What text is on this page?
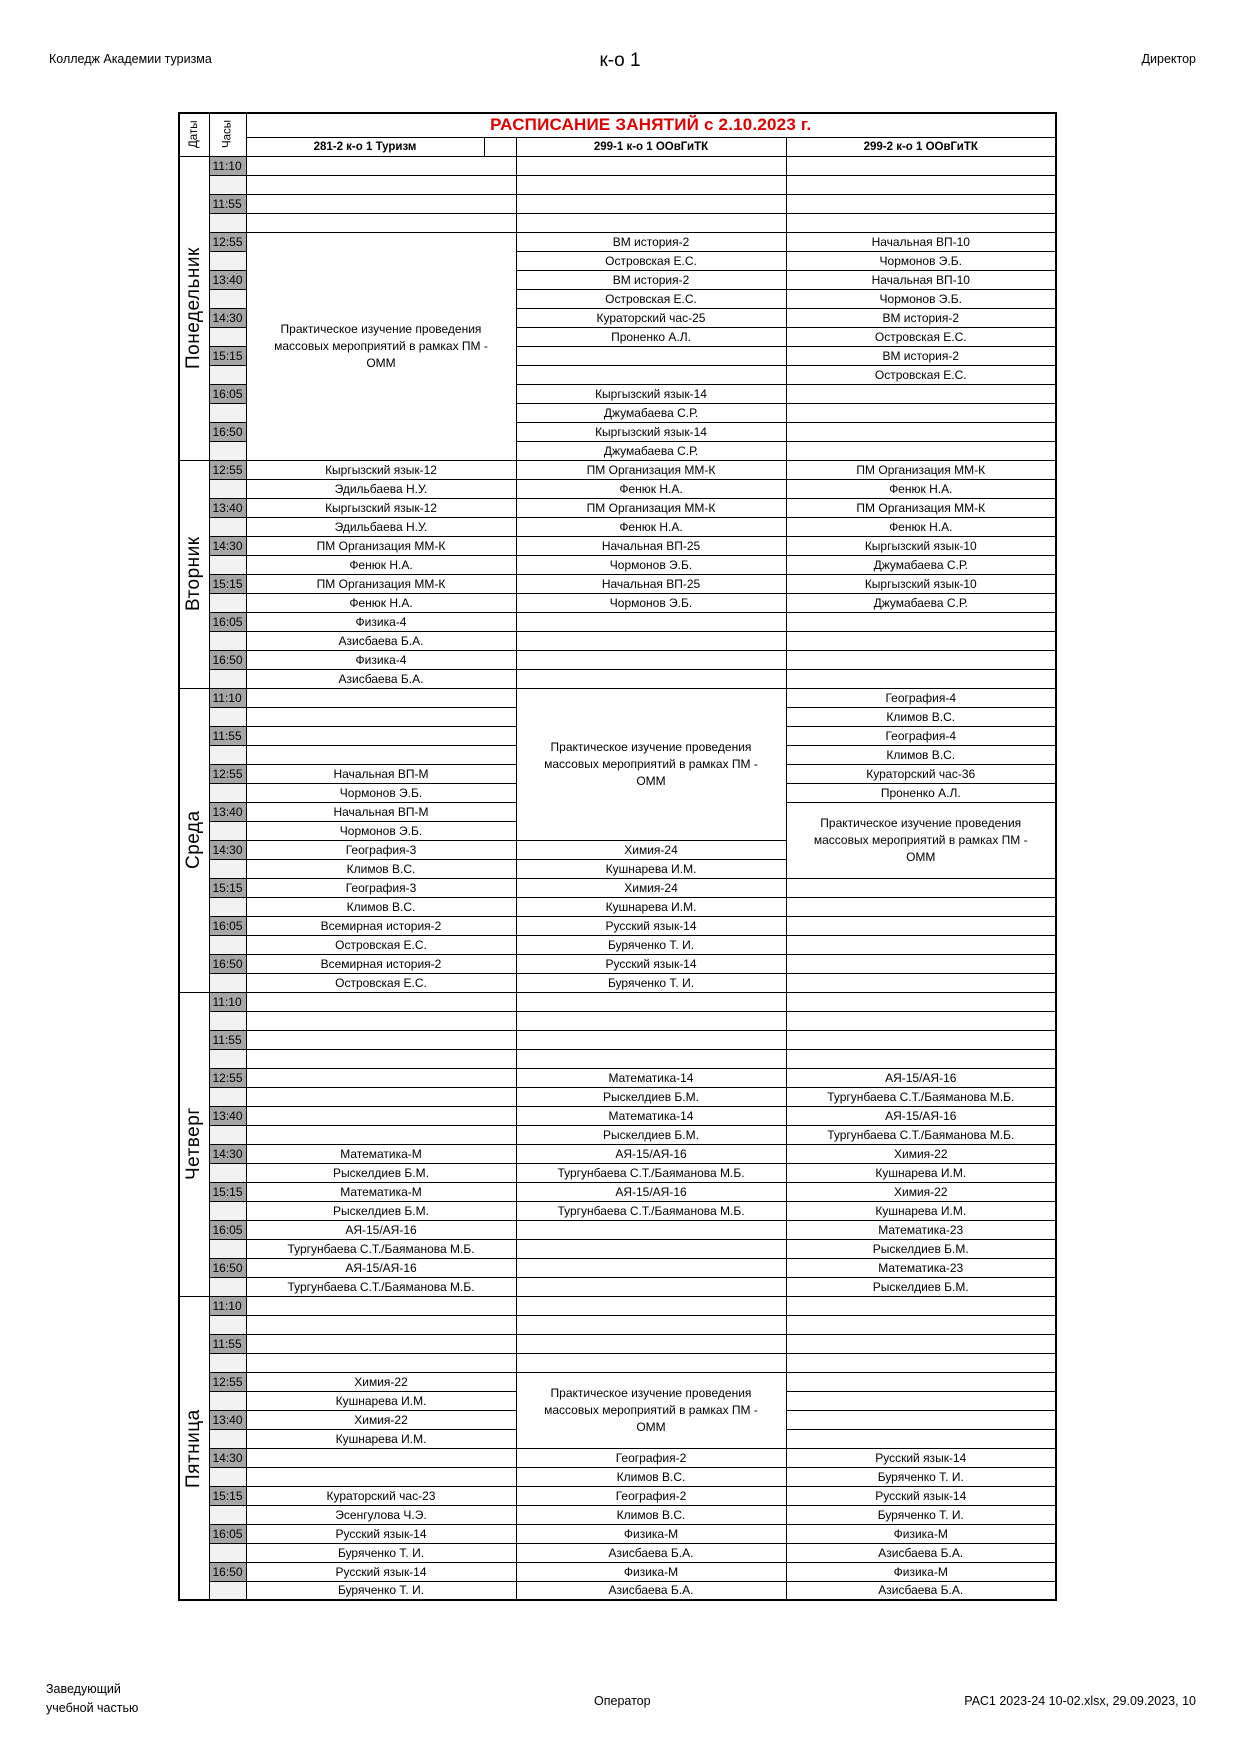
Колледж Академии туризма	к-о 1	Директор
Даты	Часы	РАСПИСАНИЕ ЗАНЯТИЙ с 2.10.2023 г.			
		281-2 к-о 1 Туризм		299-1 к-о 1 ООвГиТК	299-2 к-о 1 ООвГиТК
Понедельник	11:10				

	11:55				

	12:55	Практическое изучение проведения массовых мероприятий в рамках ПМ - ОММ		ВМ история-2	Начальная ВП-10
				Островская Е.С.	Чормонов Э.Б.
	13:40			ВМ история-2	Начальная ВП-10
				Островская Е.С.	Чормонов Э.Б.
	14:30			Кураторский час-25	ВМ история-2
				Проненко А.Л.	Островская Е.С.
	15:15				ВМ история-2
					Островская Е.С.
	16:05			Кыргызский язык-14	
				Джумабаева С.Р.	
	16:50			Кыргызский язык-14	
				Джумабаева С.Р.	
Вторник	12:55	Кыргызский язык-12		ПМ Организация ММ-К	ПМ Организация ММ-К
		Эдильбаева Н.У.		Фенюк Н.А.	Фенюк Н.А.
	13:40	Кыргызский язык-12		ПМ Организация ММ-К	ПМ Организация ММ-К
		Эдильбаева Н.У.		Фенюк Н.А.	Фенюк Н.А.
	14:30	ПМ Организация ММ-К		Начальная ВП-25	Кыргызский язык-10
		Фенюк Н.А.		Чормонов Э.Б.	Джумабаева С.Р.
	15:15	ПМ Организация ММ-К		Начальная ВП-25	Кыргызский язык-10
		Фенюк Н.А.		Чормонов Э.Б.	Джумабаева С.Р.
	16:05	Физика-4			
		Азисбаева Б.А.			
	16:50	Физика-4			
		Азисбаева Б.А.			
Среда	11:10			Практическое изучение проведения массовых мероприятий в рамках ПМ - ОММ	География-4
					Климов В.С.
	11:55				География-4
					Климов В.С.
	12:55	Начальная ВП-М			Кураторский час-36
		Чормонов Э.Б.			Проненко А.Л.
	13:40	Начальная ВП-М			Практическое изучение проведения массовых мероприятий в рамках ПМ - ОММ
		Чормонов Э.Б.			
	14:30	География-3		Химия-24	
		Климов В.С.		Кушнарева И.М.	
	15:15	География-3		Химия-24	
		Климов В.С.		Кушнарева И.М.	
	16:05	Всемирная история-2		Русский язык-14	
		Островская Е.С.		Буряченко Т. И.	
	16:50	Всемирная история-2		Русский язык-14	
		Островская Е.С.		Буряченко Т. И.	
Четверг	11:10				

	11:55				

	12:55			Математика-14	АЯ-15/АЯ-16
				Рыскелдиев Б.М.	Тургунбаева С.Т./Баяманова М.Б.
	13:40			Математика-14	АЯ-15/АЯ-16
				Рыскелдиев Б.М.	Тургунбаева С.Т./Баяманова М.Б.
	14:30	Математика-М		АЯ-15/АЯ-16	Химия-22
		Рыскелдиев Б.М.		Тургунбаева С.Т./Баяманова М.Б.	Кушнарева И.М.
	15:15	Математика-М		АЯ-15/АЯ-16	Химия-22
		Рыскелдиев Б.М.		Тургунбаева С.Т./Баяманова М.Б.	Кушнарева И.М.
	16:05	АЯ-15/АЯ-16			Математика-23
		Тургунбаева С.Т./Баяманова М.Б.			Рыскелдиев Б.М.
	16:50	АЯ-15/АЯ-16			Математика-23
		Тургунбаева С.Т./Баяманова М.Б.			Рыскелдиев Б.М.
Пятница	11:10				

	11:55				

	12:55	Химия-22		Практическое изучение проведения массовых мероприятий в рамках ПМ - ОММ	
		Кушнарева И.М.			
	13:40	Химия-22			
		Кушнарева И.М.			
	14:30			География-2	Русский язык-14
				Климов В.С.	Буряченко Т. И.
	15:15	Кураторский час-23		География-2	Русский язык-14
		Эсенгулова Ч.Э.		Климов В.С.	Буряченко Т. И.
	16:05	Русский язык-14		Физика-М	Физика-М
		Буряченко Т. И.		Азисбаева Б.А.	Азисбаева Б.А.
	16:50	Русский язык-14		Физика-М	Физика-М
		Буряченко Т. И.		Азисбаева Б.А.	Азисбаева Б.А.
Заведующий
учебной частью	Оператор	РАС1 2023-24 10-02.xlsx, 29.09.2023, 10
